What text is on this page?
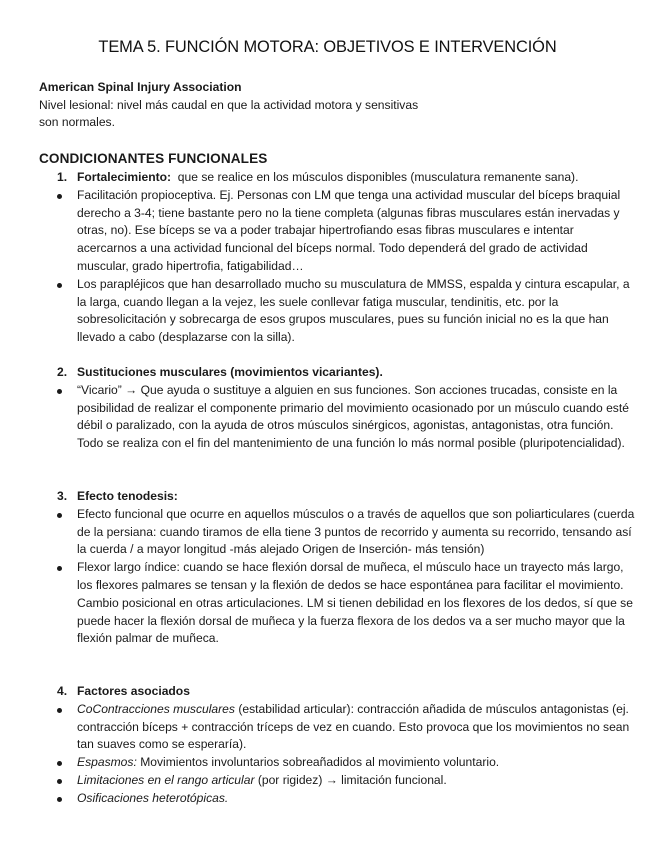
TEMA 5. FUNCIÓN MOTORA: OBJETIVOS E INTERVENCIÓN
American Spinal Injury Association
Nivel lesional: nivel más caudal en que la actividad motora y sensitivas
son normales.
CONDICIONANTES FUNCIONALES
1. Fortalecimiento:  que se realice en los músculos disponibles (musculatura remanente sana).
Facilitación propioceptiva. Ej. Personas con LM que tenga una actividad muscular del bíceps braquial derecho a 3-4; tiene bastante pero no la tiene completa (algunas fibras musculares están inervadas y otras, no). Ese bíceps se va a poder trabajar hipertrofiando esas fibras musculares e intentar acercarnos a una actividad funcional del bíceps normal. Todo dependerá del grado de actividad muscular, grado hipertrofia, fatigabilidad…
Los parapléjicos que han desarrollado mucho su musculatura de MMSS, espalda y cintura escapular, a la larga, cuando llegan a la vejez, les suele conllevar fatiga muscular, tendinitis, etc. por la sobresolicitación y sobrecarga de esos grupos musculares, pues su función inicial no es la que han llevado a cabo (desplazarse con la silla).
2. Sustituciones musculares (movimientos vicariantes).
“Vicario” → Que ayuda o sustituye a alguien en sus funciones. Son acciones trucadas, consiste en la posibilidad de realizar el componente primario del movimiento ocasionado por un músculo cuando esté débil o paralizado, con la ayuda de otros músculos sinérgicos, agonistas, antagonistas, otra función. Todo se realiza con el fin del mantenimiento de una función lo más normal posible (pluripotencialidad).
3. Efecto tenodesis:
Efecto funcional que ocurre en aquellos músculos o a través de aquellos que son poliarticulares (cuerda de la persiana: cuando tiramos de ella tiene 3 puntos de recorrido y aumenta su recorrido, tensando así la cuerda / a mayor longitud -más alejado Origen de Inserción- más tensión)
Flexor largo índice: cuando se hace flexión dorsal de muñeca, el músculo hace un trayecto más largo, los flexores palmares se tensan y la flexión de dedos se hace espontánea para facilitar el movimiento. Cambio posicional en otras articulaciones. LM si tienen debilidad en los flexores de los dedos, sí que se puede hacer la flexión dorsal de muñeca y la fuerza flexora de los dedos va a ser mucho mayor que la flexión palmar de muñeca.
4. Factores asociados
CoContracciones musculares (estabilidad articular): contracción añadida de músculos antagonistas (ej. contracción bíceps + contracción tríceps de vez en cuando. Esto provoca que los movimientos no sean tan suaves como se esperaría).
Espasmos: Movimientos involuntarios sobreañadidos al movimiento voluntario.
Limitaciones en el rango articular (por rigidez) → limitación funcional.
Osificaciones heterotópicas.
